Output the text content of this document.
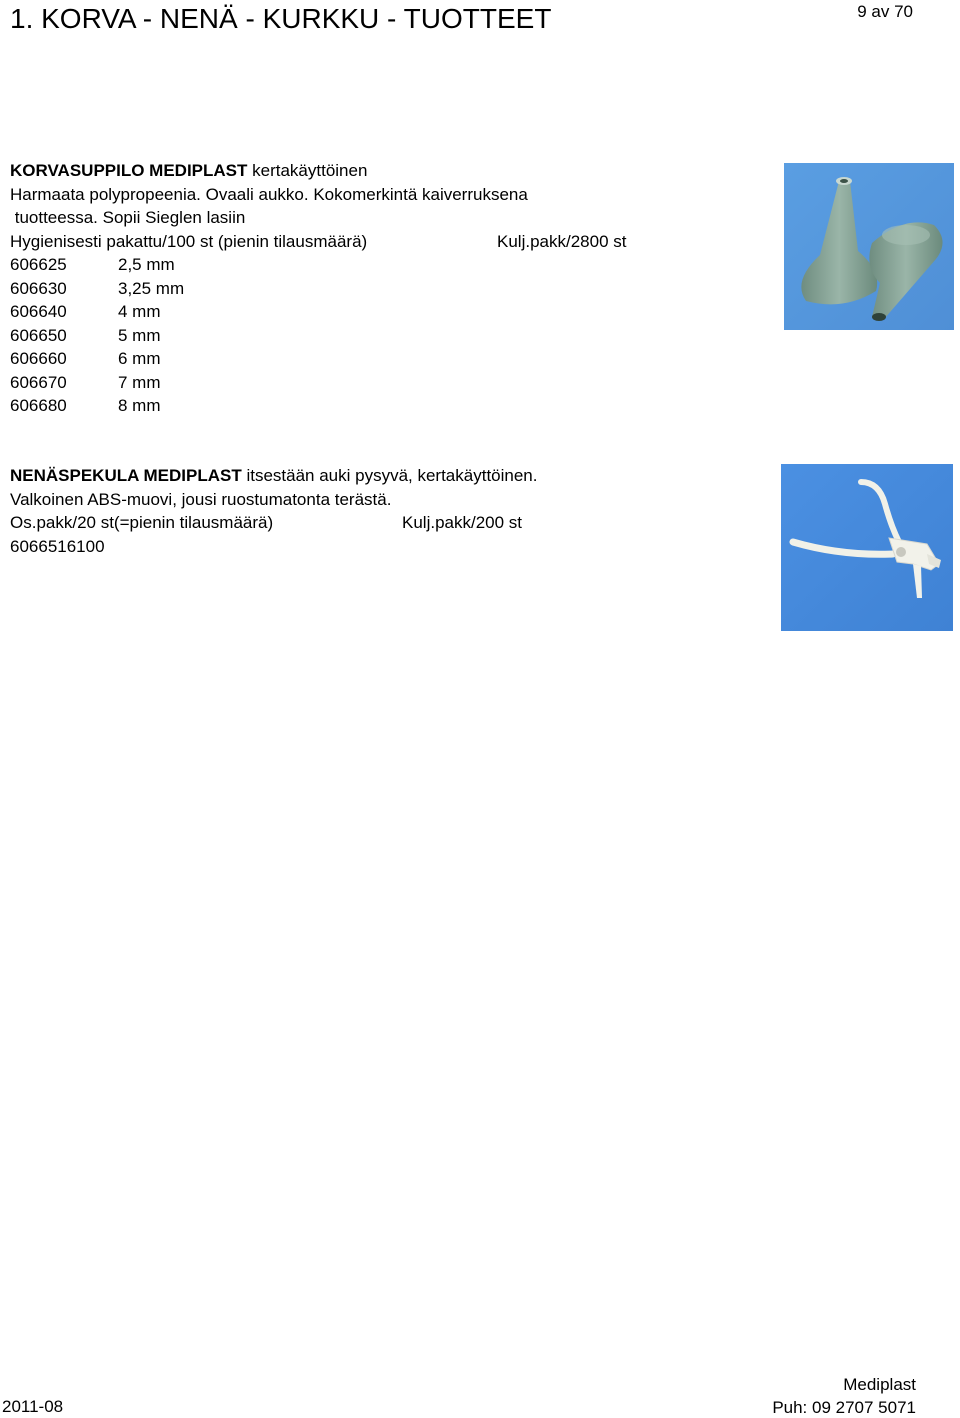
1. KORVA - NENÄ - KURKKU - TUOTTEET	9 av 70
KORVASUPPILO MEDIPLAST kertakäyttöinen
Harmaata polypropeenia. Ovaali aukko. Kokomerkintä kaiverruksena
tuotteessa. Sopii Sieglen lasiin
Hygienisesti pakattu/100 st (pienin tilausmäärä)	Kulj.pakk/2800 st
606625	2,5 mm
606630	3,25 mm
606640	4 mm
606650	5 mm
606660	6 mm
606670	7 mm
606680	8 mm
NENÄSPEKULA MEDIPLAST itsestään auki pysyvä, kertakäyttöinen.
Valkoinen ABS-muovi, jousi ruostumatonta terästä.
Os.pakk/20 st(=pienin tilausmäärä)	Kulj.pakk/200 st
6066516100
2011-08
Mediplast
Puh: 09 2707 5071
